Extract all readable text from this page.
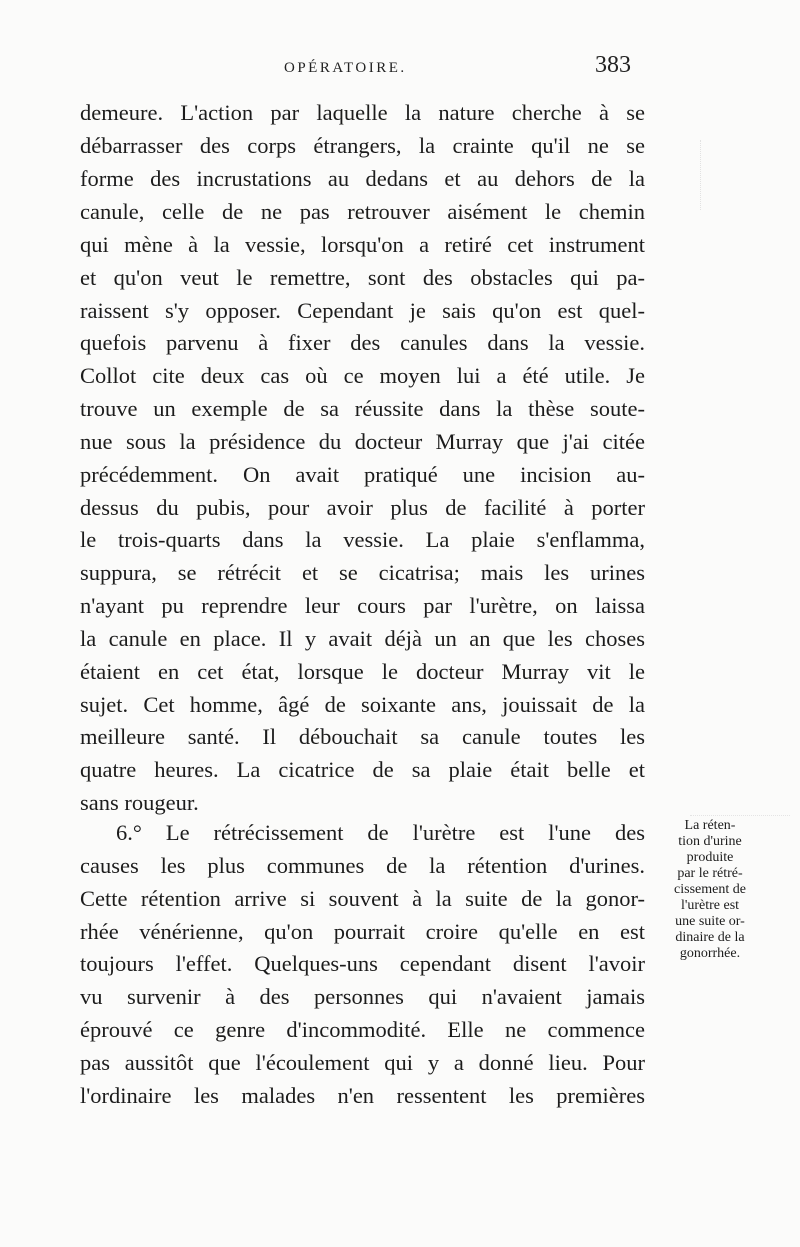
OPÉRATOIRE.	383
demeure. L'action par laquelle la nature cherche à se
débarrasser des corps étrangers, la crainte qu'il ne se
forme des incrustations au dedans et au dehors de la
canule, celle de ne pas retrouver aisément le chemin
qui mène à la vessie, lorsqu'on a retiré cet instrument
et qu'on veut le remettre, sont des obstacles qui pa-
raissent s'y opposer. Cependant je sais qu'on est quel-
quefois parvenu à fixer des canules dans la vessie.
Collot cite deux cas où ce moyen lui a été utile. Je
trouve un exemple de sa réussite dans la thèse soute-
nue sous la présidence du docteur Murray que j'ai citée
précédemment. On avait pratiqué une incision au-
dessus du pubis, pour avoir plus de facilité à porter
le trois-quarts dans la vessie. La plaie s'enflamma,
suppura, se rétrécit et se cicatrisa; mais les urines
n'ayant pu reprendre leur cours par l'urètre, on laissa
la canule en place. Il y avait déjà un an que les choses
étaient en cet état, lorsque le docteur Murray vit le
sujet. Cet homme, âgé de soixante ans, jouissait de la
meilleure santé. Il débouchait sa canule toutes les
quatre heures. La cicatrice de sa plaie était belle et
sans rougeur.
6.° Le rétrécissement de l'urètre est l'une des
causes les plus communes de la rétention d'urines.
Cette rétention arrive si souvent à la suite de la gonor-
rhée vénérienne, qu'on pourrait croire qu'elle en est
toujours l'effet. Quelques-uns cependant disent l'avoir
vu survenir à des personnes qui n'avaient jamais
éprouvé ce genre d'incommodité. Elle ne commence
pas aussitôt que l'écoulement qui y a donné lieu. Pour
l'ordinaire les malades n'en ressentent les premières
La réten-
tion d'urine
produite
par le rétré-
cissement de
l'urètre est
une suite or-
dinaire de la
gonorrhée.
